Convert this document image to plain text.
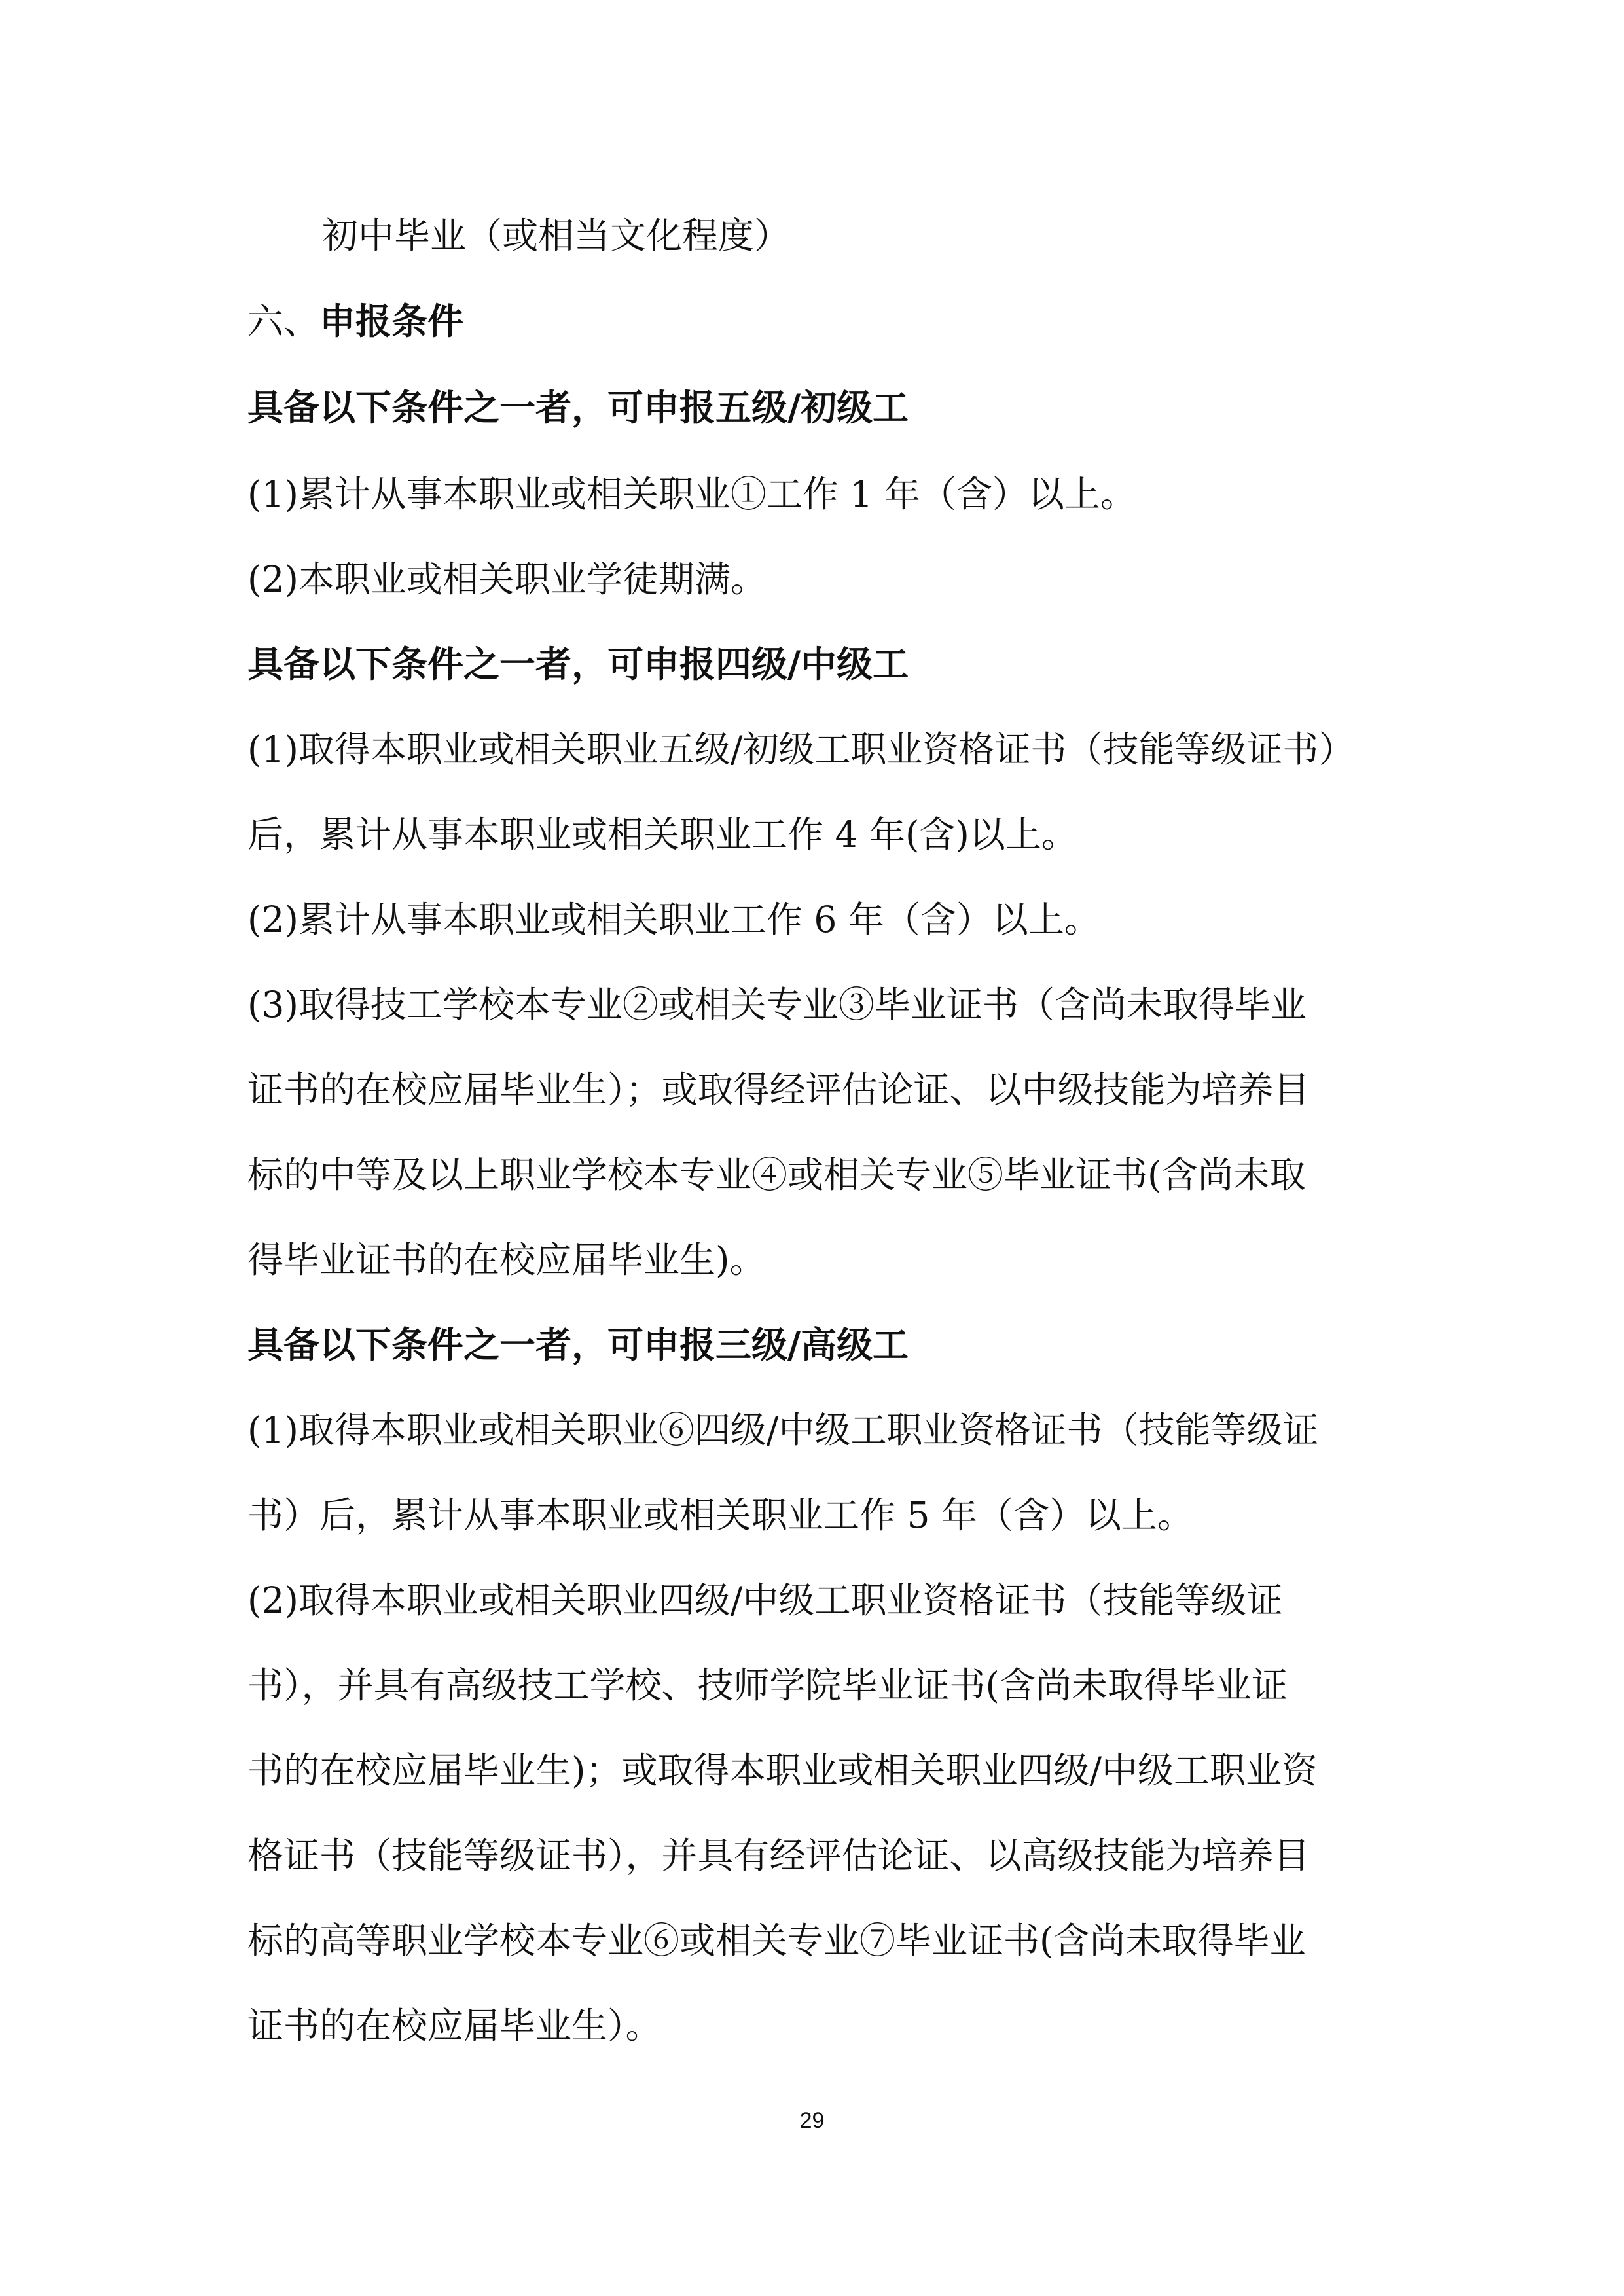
初中毕业（或相当文化程度）
六、申报条件
具备以下条件之一者，可申报五级/初级工
(1)累计从事本职业或相关职业①工作 1 年（含）以上。
(2)本职业或相关职业学徒期满。
具备以下条件之一者，可申报四级/中级工
(1)取得本职业或相关职业五级/初级工职业资格证书（技能等级证书）
后，累计从事本职业或相关职业工作 4 年(含)以上。
(2)累计从事本职业或相关职业工作 6 年（含）以上。
(3)取得技工学校本专业②或相关专业③毕业证书（含尚未取得毕业
证书的在校应届毕业生）；或取得经评估论证、以中级技能为培养目
标的中等及以上职业学校本专业④或相关专业⑤毕业证书(含尚未取
得毕业证书的在校应届毕业生)。
具备以下条件之一者，可申报三级/高级工
(1)取得本职业或相关职业⑥四级/中级工职业资格证书（技能等级证
书）后，累计从事本职业或相关职业工作 5 年（含）以上。
(2)取得本职业或相关职业四级/中级工职业资格证书（技能等级证
书），并具有高级技工学校、技师学院毕业证书(含尚未取得毕业证
书的在校应届毕业生)；或取得本职业或相关职业四级/中级工职业资
格证书（技能等级证书），并具有经评估论证、以高级技能为培养目
标的高等职业学校本专业⑥或相关专业⑦毕业证书(含尚未取得毕业
证书的在校应届毕业生）。
29
